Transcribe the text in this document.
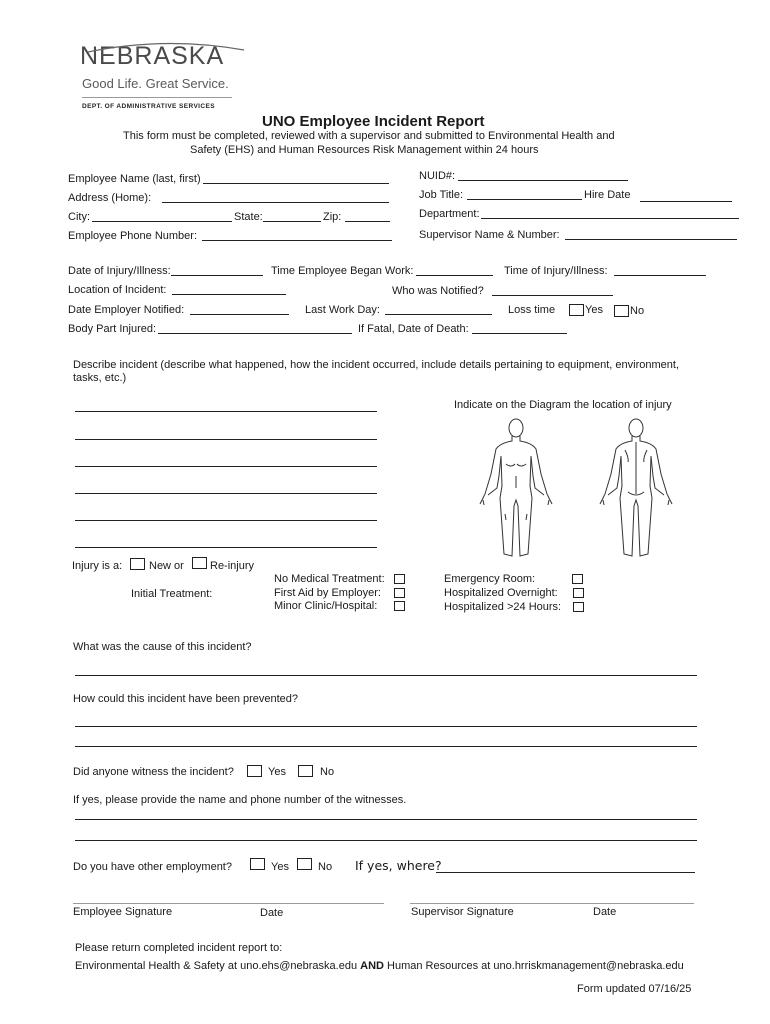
NEBRASKA
Good Life. Great Service.
DEPT. OF ADMINISTRATIVE SERVICES
UNO Employee Incident Report
This form must be completed, reviewed with a supervisor and submitted to Environmental Health and
Safety (EHS) and Human Resources Risk Management within 24 hours
Employee Name (last, first)	NUID#:
Address (Home):	Job Title:	Hire Date
City:	State:	Zip:	Department:
Employee Phone Number:	Supervisor Name & Number:
Date of Injury/Illness:	Time Employee Began Work:	Time of Injury/Illness:
Location of Incident:	Who was Notified?
Date Employer Notified:	Last Work Day:	Loss time	Yes No
Body Part Injured:	If Fatal, Date of Death:
Describe incident (describe what happened, how the incident occurred, include details pertaining to equipment, environment,
tasks, etc.)
Indicate on the Diagram the location of injury
Injury is a: New or Re-injury
Initial Treatment:
No Medical Treatment:
First Aid by Employer:
Minor Clinic/Hospital:
Emergency Room:
Hospitalized Overnight:
Hospitalized >24 Hours:
What was the cause of this incident?
How could this incident have been prevented?
Did anyone witness the incident?	Yes	No
If yes, please provide the name and phone number of the witnesses.
Do you have other employment?	Yes	No If yes, where?
Employee Signature	Date	Supervisor Signature	Date
Please return completed incident report to:
Environmental Health & Safety at uno.ehs@nebraska.edu AND Human Resources at uno.hrriskmanagement@nebraska.edu
Form updated 07/16/25
